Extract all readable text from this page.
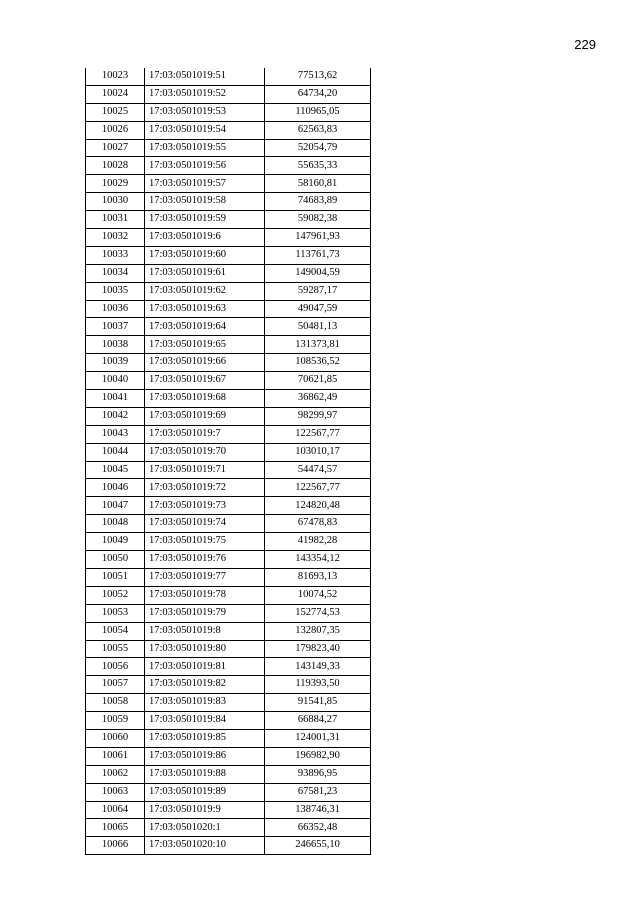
229
10023	17:03:0501019:51	77513,62
10024	17:03:0501019:52	64734,20
10025	17:03:0501019:53	110965,05
10026	17:03:0501019:54	62563,83
10027	17:03:0501019:55	52054,79
10028	17:03:0501019:56	55635,33
10029	17:03:0501019:57	58160,81
10030	17:03:0501019:58	74683,89
10031	17:03:0501019:59	59082,38
10032	17:03:0501019:6	147961,93
10033	17:03:0501019:60	113761,73
10034	17:03:0501019:61	149004,59
10035	17:03:0501019:62	59287,17
10036	17:03:0501019:63	49047,59
10037	17:03:0501019:64	50481,13
10038	17:03:0501019:65	131373,81
10039	17:03:0501019:66	108536,52
10040	17:03:0501019:67	70621,85
10041	17:03:0501019:68	36862,49
10042	17:03:0501019:69	98299,97
10043	17:03:0501019:7	122567,77
10044	17:03:0501019:70	103010,17
10045	17:03:0501019:71	54474,57
10046	17:03:0501019:72	122567,77
10047	17:03:0501019:73	124820,48
10048	17:03:0501019:74	67478,83
10049	17:03:0501019:75	41982,28
10050	17:03:0501019:76	143354,12
10051	17:03:0501019:77	81693,13
10052	17:03:0501019:78	10074,52
10053	17:03:0501019:79	152774,53
10054	17:03:0501019:8	132807,35
10055	17:03:0501019:80	179823,40
10056	17:03:0501019:81	143149,33
10057	17:03:0501019:82	119393,50
10058	17:03:0501019:83	91541,85
10059	17:03:0501019:84	66884,27
10060	17:03:0501019:85	124001,31
10061	17:03:0501019:86	196982,90
10062	17:03:0501019:88	93896,95
10063	17:03:0501019:89	67581,23
10064	17:03:0501019:9	138746,31
10065	17:03:0501020:1	66352,48
10066	17:03:0501020:10	246655,10
